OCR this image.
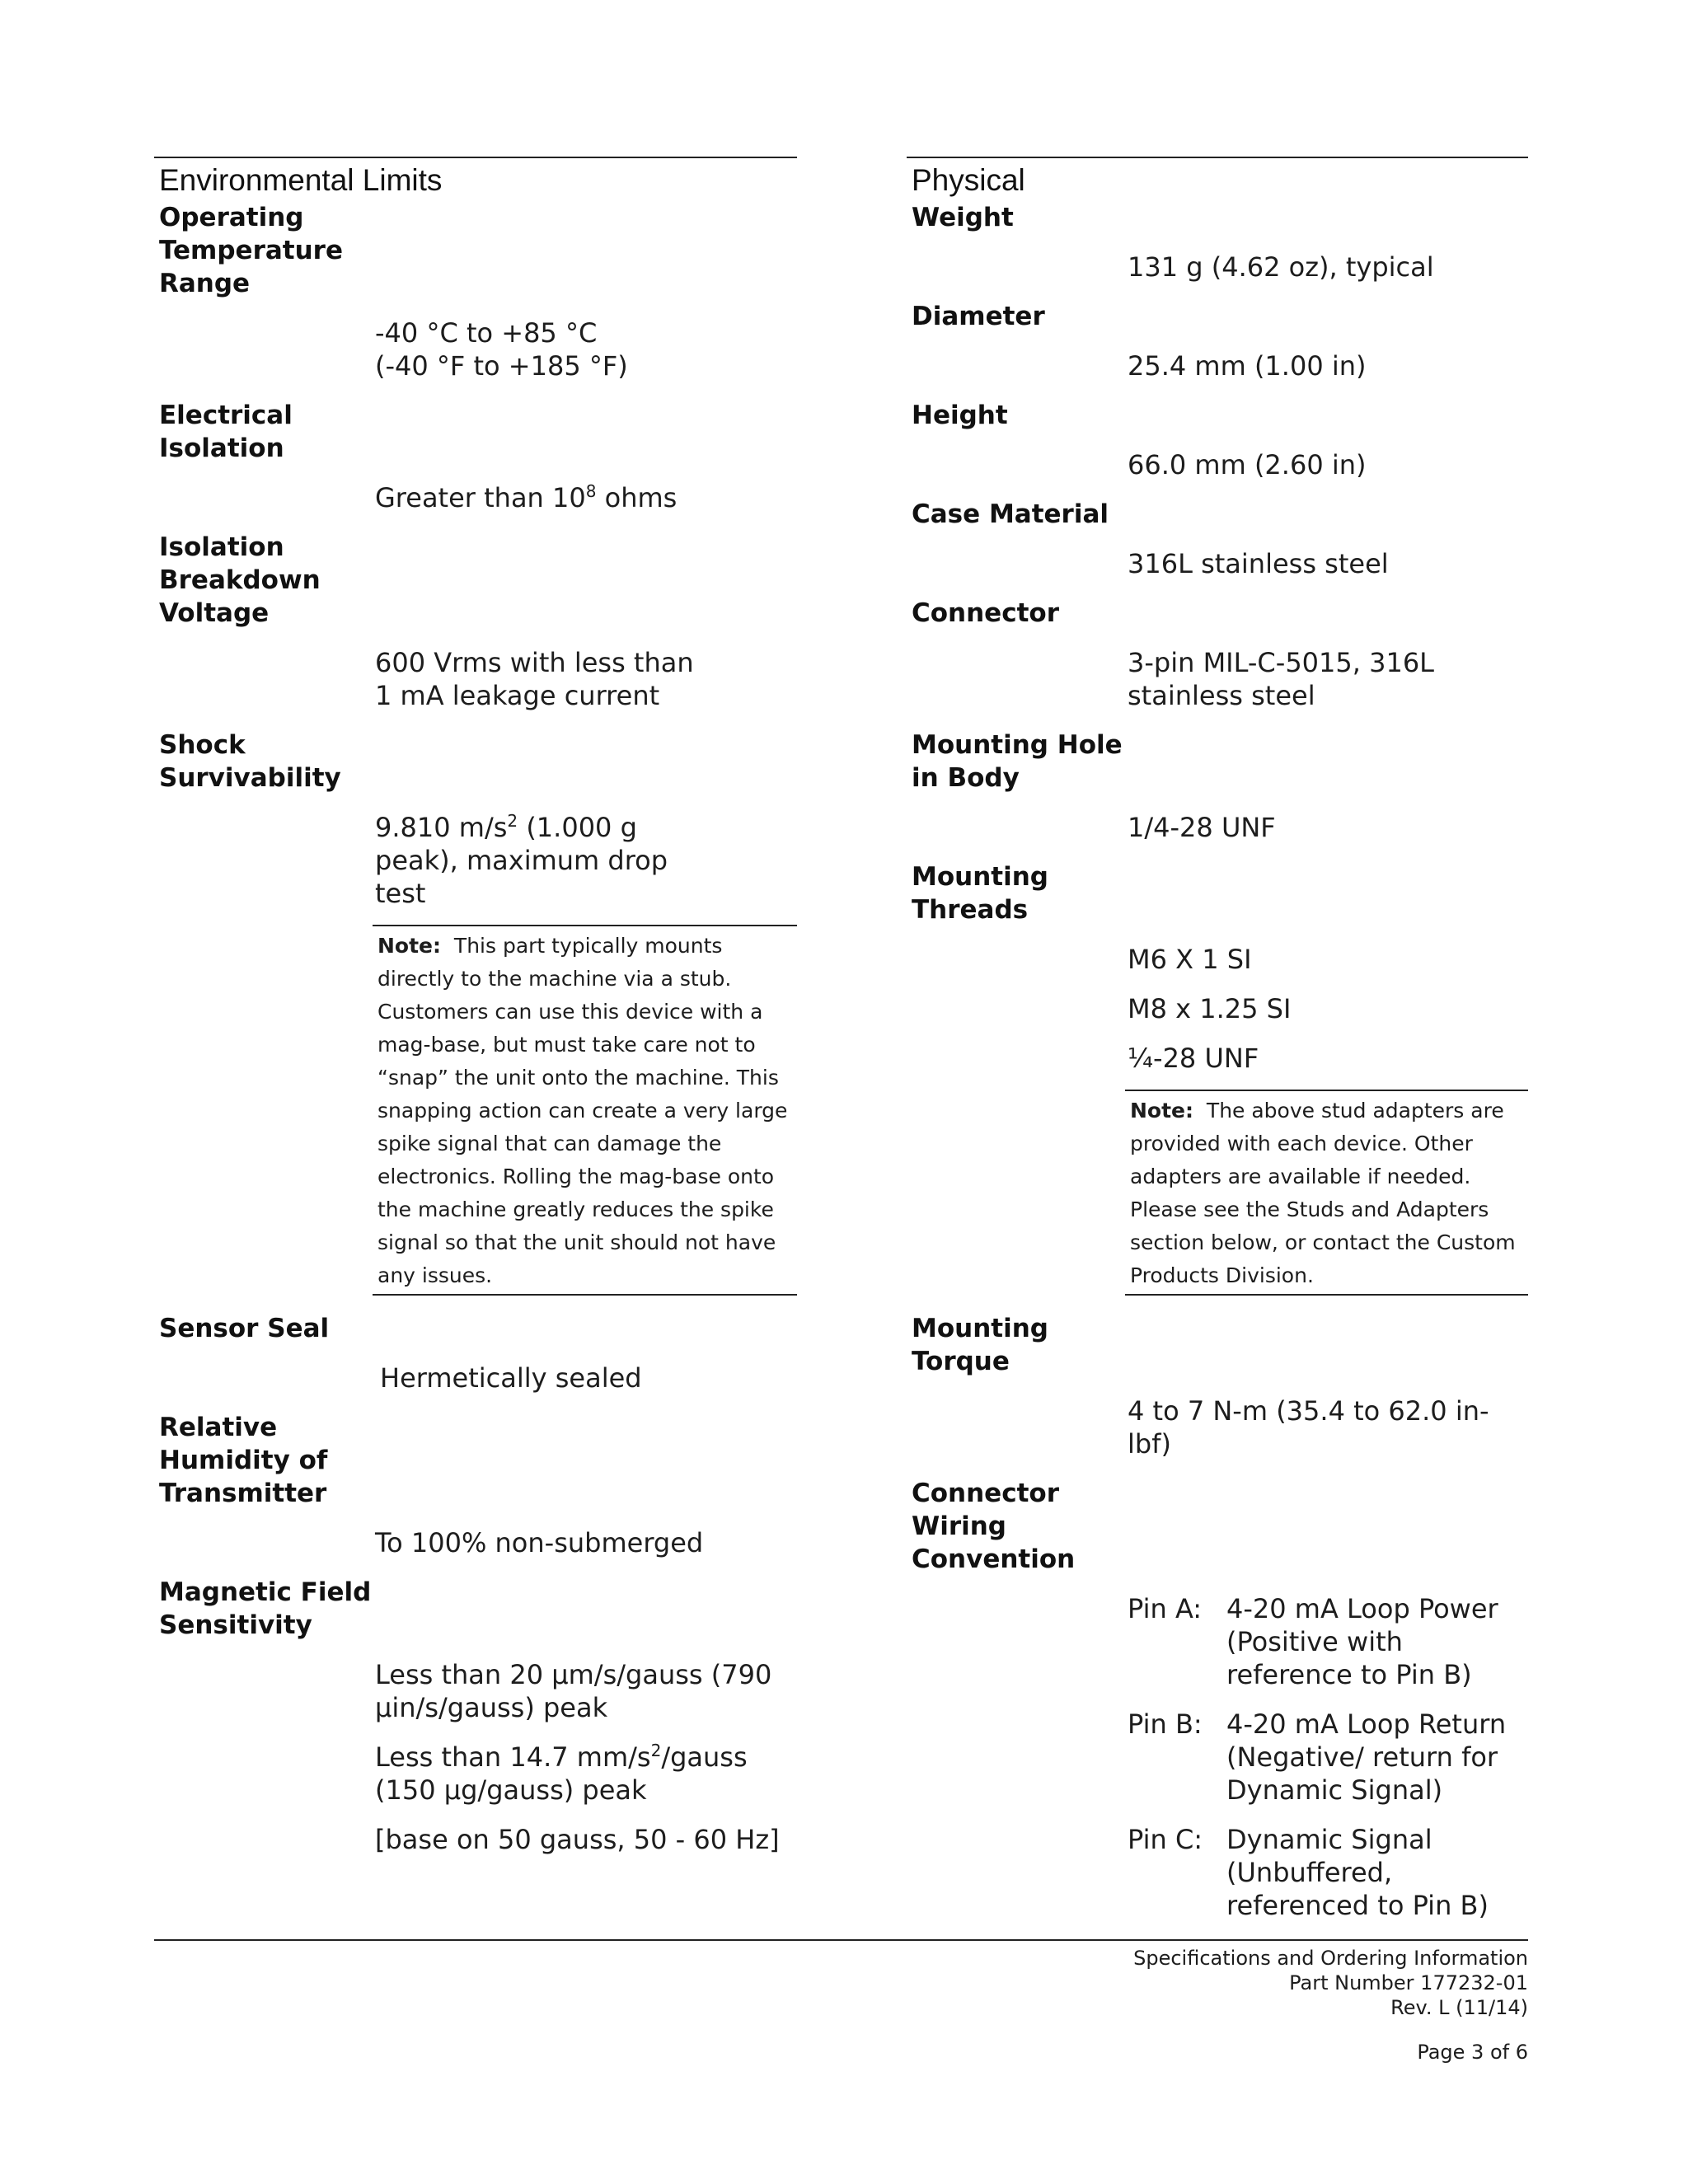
Environmental Limits
Operating Temperature Range
-40 °C to +85 °C
(-40 °F to +185 °F)
Electrical Isolation
Greater than $10^8$ ohms
Isolation Breakdown Voltage
600 Vrms with less than 1 mA leakage current
Shock Survivability
9.810 $m/s^2$ (1.000 g peak), maximum drop test
Note: This part typically mounts directly to the machine via a stub. Customers can use this device with a mag-base, but must take care not to “snap” the unit onto the machine. This snapping action can create a very large spike signal that can damage the electronics. Rolling the mag-base onto the machine greatly reduces the spike signal so that the unit should not have any issues.
Sensor Seal
Hermetically sealed
Relative Humidity of Transmitter
To 100% non-submerged
Magnetic Field Sensitivity
Less than 20 μm/s/gauss (790 μin/s/gauss) peak
Less than 14.7 $mm/s^2$/gauss (150 μg/gauss) peak
[base on 50 gauss, 50 - 60 Hz]
Physical
Weight
131 g (4.62 oz), typical
Diameter
25.4 mm (1.00 in)
Height
66.0 mm (2.60 in)
Case Material
316L stainless steel
Connector
3-pin MIL-C-5015, 316L stainless steel
Mounting Hole in Body
1/4-28 UNF
Mounting Threads
M6 X 1 SI
M8 x 1.25 SI
¼-28 UNF
Note: The above stud adapters are provided with each device. Other adapters are available if needed. Please see the Studs and Adapters section below, or contact the Custom Products Division.
Mounting Torque
4 to 7 N-m (35.4 to 62.0 in-lbf)
Connector Wiring Convention
Pin A: 4-20 mA Loop Power (Positive with reference to Pin B)
Pin B: 4-20 mA Loop Return (Negative/ return for Dynamic Signal)
Pin C: Dynamic Signal (Unbuffered, referenced to Pin B)
Specifications and Ordering Information
Part Number 177232-01
Rev. L (11/14)
Page 3 of 6
